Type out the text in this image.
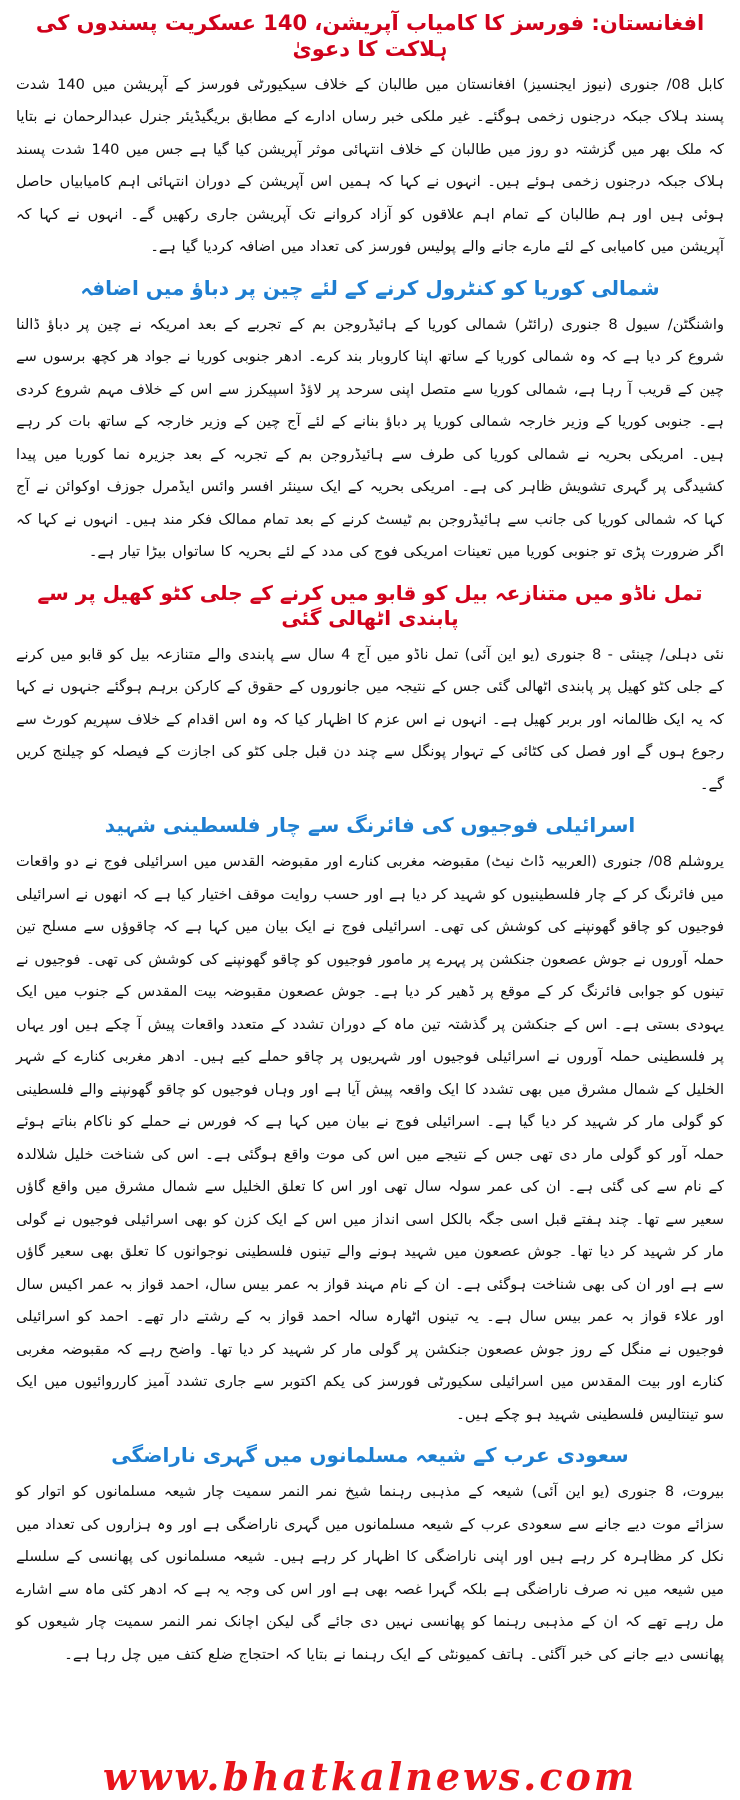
افغانستان: فورسز کا کامیاب آپریشن، 140 عسکریت پسندوں کی ہلاکت کا دعویٰ

کابل 08/ جنوری (نیوز ایجنسیز) افغانستان میں طالبان کے خلاف سیکیورٹی فورسز کے آپریشن میں 140 شدت پسند ہلاک جبکہ درجنوں زخمی ہوگئے۔ غیر ملکی خبر رساں ادارے کے مطابق بریگیڈیئر جنرل عبدالرحمان نے بتایا کہ ملک بھر میں گزشتہ دو روز میں طالبان کے خلاف انتہائی موثر آپریشن کیا گیا ہے جس میں 140 شدت پسند ہلاک جبکہ درجنوں زخمی ہوئے ہیں۔ انہوں نے کہا کہ ہمیں اس آپریشن کے دوران انتہائی اہم کامیابیاں حاصل ہوئی ہیں اور ہم طالبان کے تمام اہم علاقوں کو آزاد کروانے تک آپریشن جاری رکھیں گے۔ انہوں نے کہا کہ آپریشن میں کامیابی کے لئے مارے جانے والے پولیس فورسز کی تعداد میں اضافہ کردیا گیا ہے۔

شمالی کوریا کو کنٹرول کرنے کے لئے چین پر دباؤ میں اضافہ

واشنگٹن/ سیول 8 جنوری (رائٹر) شمالی کوریا کے ہائیڈروجن بم کے تجربے کے بعد امریکہ نے چین پر دباؤ ڈالنا شروع کر دیا ہے کہ وہ شمالی کوریا کے ساتھ اپنا کاروبار بند کرے۔ ادھر جنوبی کوریا نے جواد ھر کچھ برسوں سے چین کے قریب آ رہا ہے، شمالی کوریا سے متصل اپنی سرحد پر لاؤڈ اسپیکرز سے اس کے خلاف مہم شروع کردی ہے۔ جنوبی کوریا کے وزیر خارجہ شمالی کوریا پر دباؤ بنانے کے لئے آج چین کے وزیر خارجہ کے ساتھ بات کر رہے ہیں۔ امریکی بحریہ نے شمالی کوریا کی طرف سے ہائیڈروجن بم کے تجربہ کے بعد جزیرہ نما کوریا میں پیدا کشیدگی پر گہری تشویش ظاہر کی ہے۔ امریکی بحریہ کے ایک سینئر افسر وائس ایڈمرل جوزف اوکوائن نے آج کہا کہ شمالی کوریا کی جانب سے ہائیڈروجن بم ٹیسٹ کرنے کے بعد تمام ممالک فکر مند ہیں۔ انہوں نے کہا کہ اگر ضرورت پڑی تو جنوبی کوریا میں تعینات امریکی فوج کی مدد کے لئے بحریہ کا ساتواں بیڑا تیار ہے۔

تمل ناڈو میں متنازعہ بیل کو قابو میں کرنے کے جلی کٹو کھیل پر سے پابندی اٹھالی گئی

نئی دہلی/ چینئی - 8 جنوری (یو این آئی) تمل ناڈو میں آج 4 سال سے پابندی والے متنازعہ بیل کو قابو میں کرنے کے جلی کٹو کھیل پر پابندی اٹھالی گئی جس کے نتیجہ میں جانوروں کے حقوق کے کارکن برہم ہوگئے جنہوں نے کہا کہ یہ ایک ظالمانہ اور بربر کھیل ہے۔ انہوں نے اس عزم کا اظہار کیا کہ وہ اس اقدام کے خلاف سپریم کورٹ سے رجوع ہوں گے اور فصل کی کٹائی کے تہوار پونگل سے چند دن قبل جلی کٹو کی اجازت کے فیصلہ کو چیلنج کریں گے۔

اسرائیلی فوجیوں کی فائرنگ سے چار فلسطینی شہید

یروشلم 08/ جنوری (العربیہ ڈاٹ نیٹ) مقبوضہ مغربی کنارے اور مقبوضہ القدس میں اسرائیلی فوج نے دو واقعات میں فائرنگ کر کے چار فلسطینیوں کو شہید کر دیا ہے اور حسب روایت موقف اختیار کیا ہے کہ انھوں نے اسرائیلی فوجیوں کو چاقو گھونپنے کی کوشش کی تھی۔ اسرائیلی فوج نے ایک بیان میں کہا ہے کہ چاقوؤں سے مسلح تین حملہ آوروں نے جوش عصعون جنکشن پر پہرے پر مامور فوجیوں کو چاقو گھونپنے کی کوشش کی تھی۔ فوجیوں نے تینوں کو جوابی فائرنگ کر کے موقع پر ڈھیر کر دیا ہے۔ جوش عصعون مقبوضہ بیت المقدس کے جنوب میں ایک یہودی بستی ہے۔ اس کے جنکشن پر گذشتہ تین ماہ کے دوران تشدد کے متعدد واقعات پیش آ چکے ہیں اور یہاں پر فلسطینی حملہ آوروں نے اسرائیلی فوجیوں اور شہریوں پر چاقو حملے کیے ہیں۔ ادھر مغربی کنارے کے شہر الخلیل کے شمال مشرق میں بھی تشدد کا ایک واقعہ پیش آیا ہے اور وہاں فوجیوں کو چاقو گھونپنے والے فلسطینی کو گولی مار کر شہید کر دیا گیا ہے۔ اسرائیلی فوج نے بیان میں کہا ہے کہ فورس نے حملے کو ناکام بناتے ہوئے حملہ آور کو گولی مار دی تھی جس کے نتیجے میں اس کی موت واقع ہوگئی ہے۔ اس کی شناخت خلیل شلالدہ کے نام سے کی گئی ہے۔ ان کی عمر سولہ سال تھی اور اس کا تعلق الخلیل سے شمال مشرق میں واقع گاؤں سعیر سے تھا۔ چند ہفتے قبل اسی جگہ بالکل اسی انداز میں اس کے ایک کزن کو بھی اسرائیلی فوجیوں نے گولی مار کر شہید کر دیا تھا۔ جوش عصعون میں شہید ہونے والے تینوں فلسطینی نوجوانوں کا تعلق بھی سعیر گاؤں سے ہے اور ان کی بھی شناخت ہوگئی ہے۔ ان کے نام مہند قواز بہ عمر بیس سال، احمد قواز بہ عمر اکیس سال اور علاء قواز بہ عمر بیس سال ہے۔ یہ تینوں اٹھارہ سالہ احمد قواز بہ کے رشتے دار تھے۔ احمد کو اسرائیلی فوجیوں نے منگل کے روز جوش عصعون جنکشن پر گولی مار کر شہید کر دیا تھا۔ واضح رہے کہ مقبوضہ مغربی کنارے اور بیت المقدس میں اسرائیلی سکیورٹی فورسز کی یکم اکتوبر سے جاری تشدد آمیز کارروائیوں میں ایک سو تینتالیس فلسطینی شہید ہو چکے ہیں۔

سعودی عرب کے شیعہ مسلمانوں میں گہری ناراضگی

بیروت، 8 جنوری (یو این آئی) شیعہ کے مذہبی رہنما شیخ نمر النمر سمیت چار شیعہ مسلمانوں کو اتوار کو سزائے موت دیے جانے سے سعودی عرب کے شیعہ مسلمانوں میں گہری ناراضگی ہے اور وہ ہزاروں کی تعداد میں نکل کر مظاہرہ کر رہے ہیں اور اپنی ناراضگی کا اظہار کر رہے ہیں۔ شیعہ مسلمانوں کی پھانسی کے سلسلے میں شیعہ میں نہ صرف ناراضگی ہے بلکہ گہرا غصہ بھی ہے اور اس کی وجہ یہ ہے کہ ادھر کئی ماہ سے اشارے مل رہے تھے کہ ان کے مذہبی رہنما کو پھانسی نہیں دی جائے گی لیکن اچانک نمر النمر سمیت چار شیعوں کو پھانسی دیے جانے کی خبر آگئی۔ ہاتف کمیونٹی کے ایک رہنما نے بتایا کہ احتجاج ضلع کتف میں چل رہا ہے۔

www.bhatkalnews.com
